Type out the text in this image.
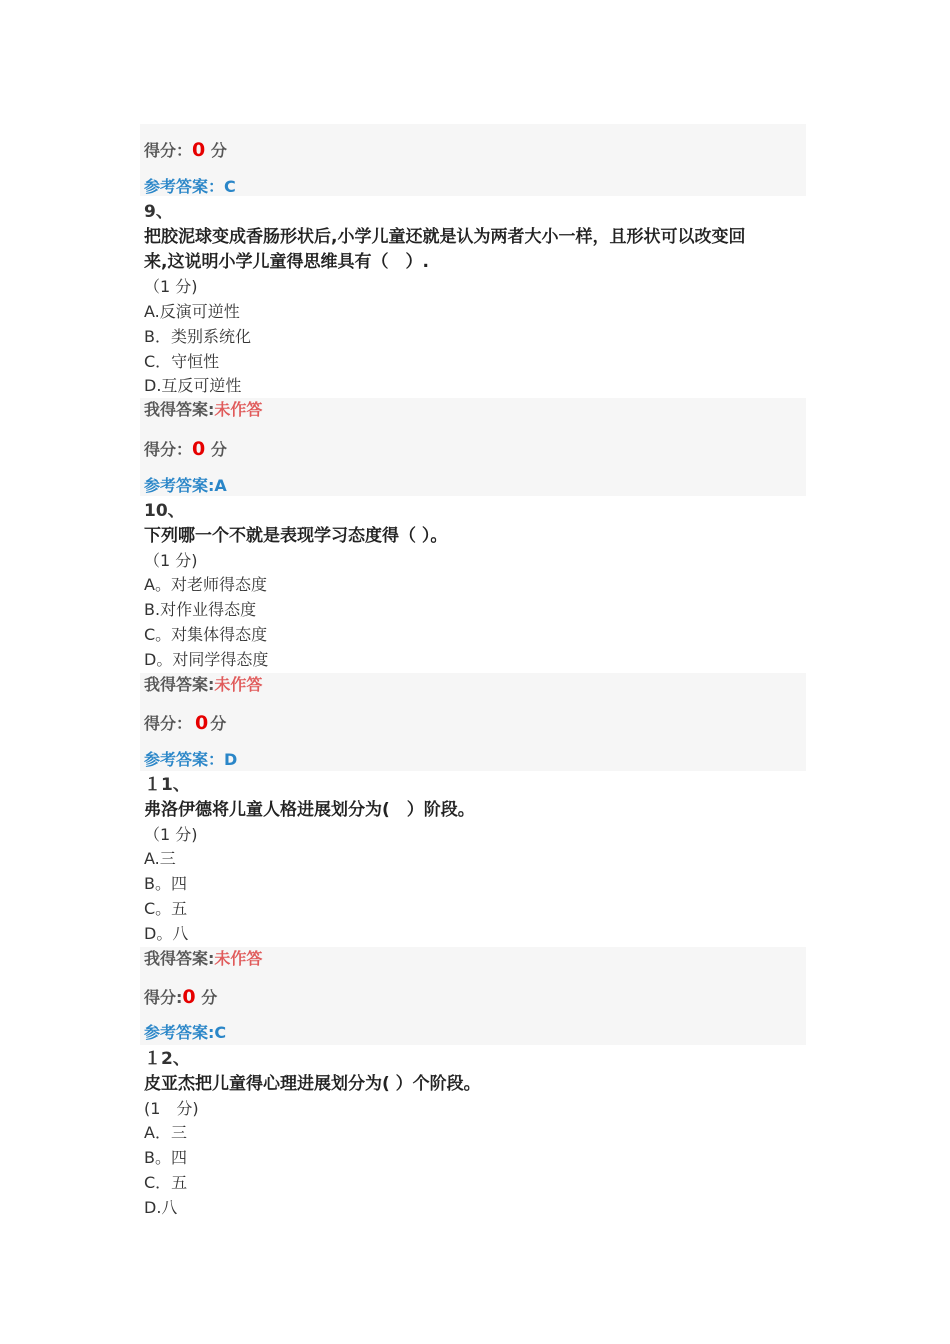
得分：0 分
参考答案：C
9、
把胶泥球变成香肠形状后,小学儿童还就是认为两者大小一样，且形状可以改变回
来,这说明小学儿童得思维具有（　）.
（1 分)
A.反演可逆性
B．类别系统化
C．守恒性
D.互反可逆性
我得答案:未作答
得分：0 分
参考答案:A
10、
下列哪一个不就是表现学习态度得（ ）。
（1 分)
A。对老师得态度
B.对作业得态度
C。对集体得态度
D。对同学得态度
我得答案:未作答
得分： 0 分
参考答案：D
１1、
弗洛伊德将儿童人格进展划分为(　）阶段。
（1 分)
A.三
B。四
C。五
D。八
我得答案:未作答
得分:0 分
参考答案:C
１2、
皮亚杰把儿童得心理进展划分为( ）个阶段。
(1　分)
A．三
B。四
C．五
D.八
